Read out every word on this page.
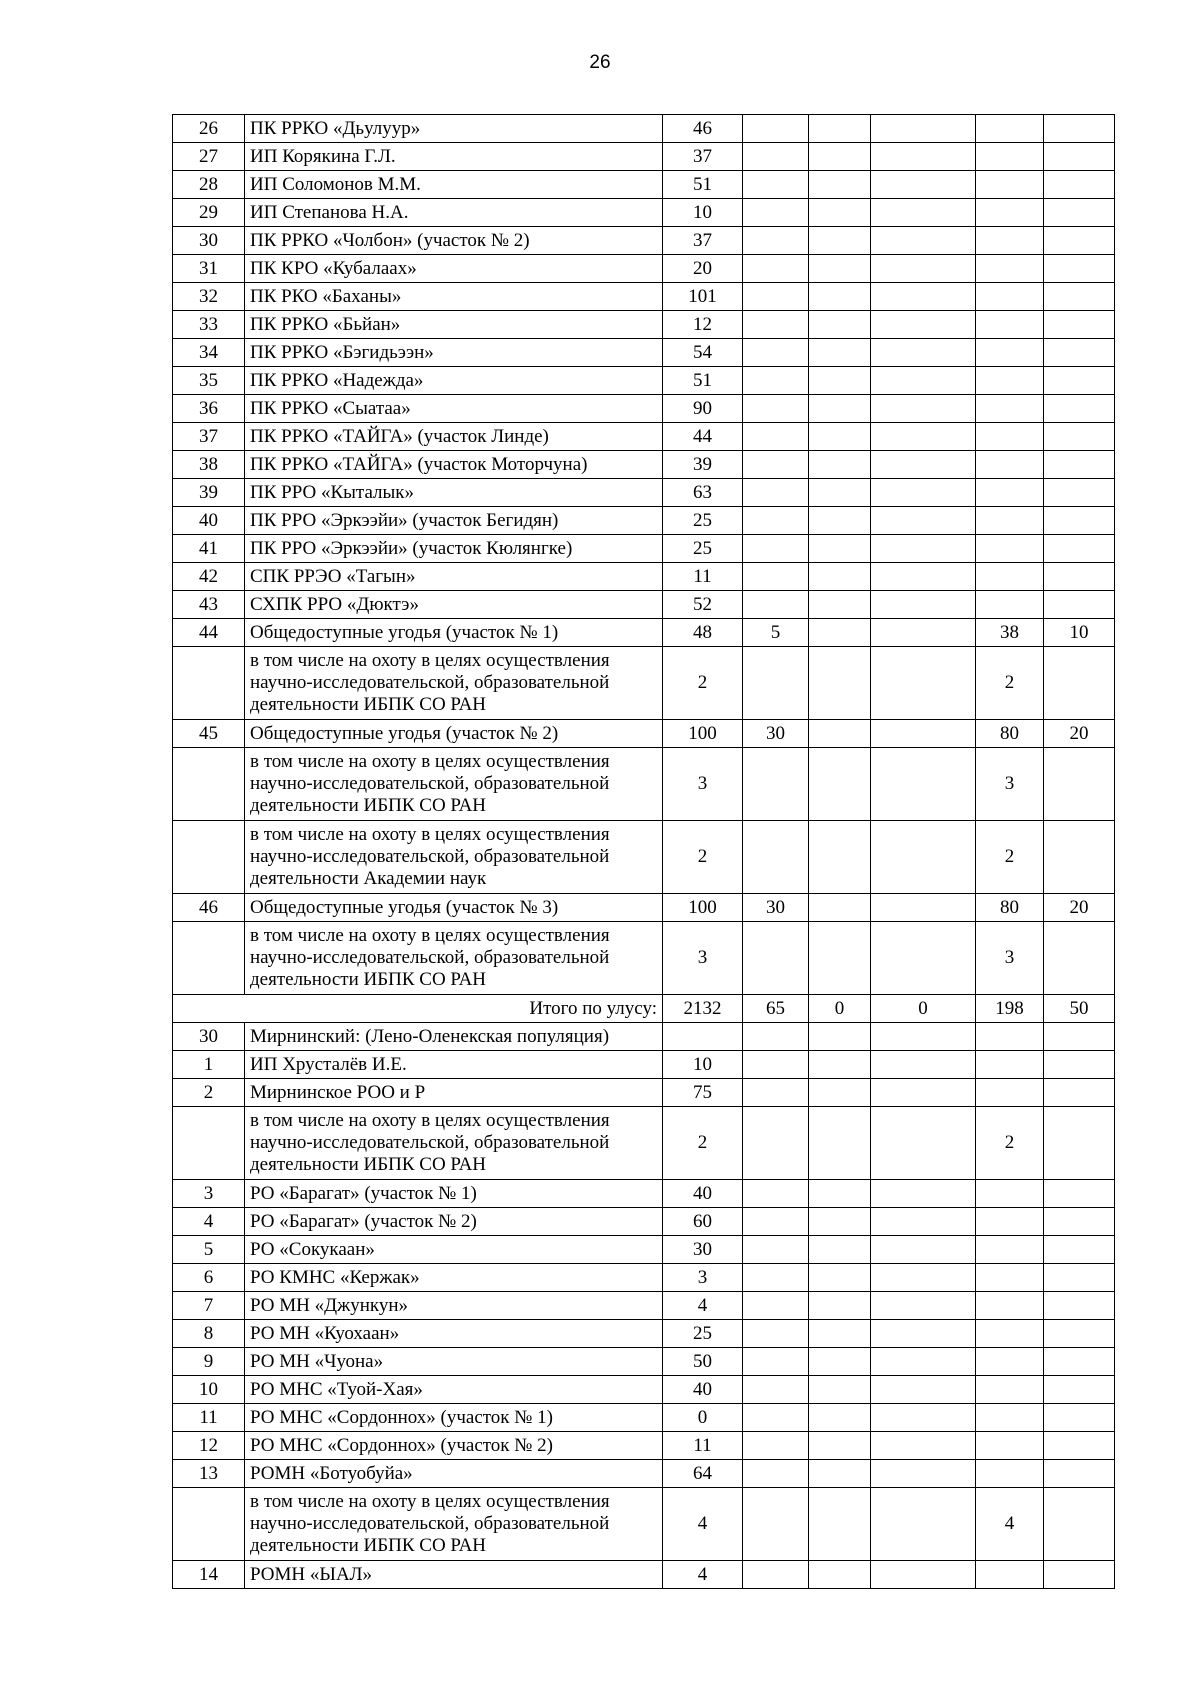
26
26	ПК РРКО «Дьулуур»	46					
27	ИП Корякина Г.Л.	37					
28	ИП Соломонов М.М.	51					
29	ИП Степанова Н.А.	10					
30	ПК РРКО «Чолбон» (участок № 2)	37					
31	ПК КРО «Кубалаах»	20					
32	ПК РКО «Баханы»	101					
33	ПК РРКО «Бьйан»	12					
34	ПК РРКО «Бэгидьээн»	54					
35	ПК РРКО «Надежда»	51					
36	ПК РРКО «Сыатаа»	90					
37	ПК РРКО «ТАЙГА» (участок Линде)	44					
38	ПК РРКО «ТАЙГА» (участок Моторчуна)	39					
39	ПК РРО «Кыталык»	63					
40	ПК РРО «Эркээйи» (участок Бегидян)	25					
41	ПК РРО «Эркээйи» (участок Кюлянгке)	25					
42	СПК РРЭО «Тагын»	11					
43	СХПК РРО «Дюктэ»	52					
44	Общедоступные угодья (участок № 1)	48	5			38	10
	в том числе на охоту в целях осуществления научно-исследовательской, образовательной деятельности ИБПК СО РАН	2				2	
45	Общедоступные угодья (участок № 2)	100	30			80	20
	в том числе на охоту в целях осуществления научно-исследовательской, образовательной деятельности ИБПК СО РАН	3				3	
	в том числе на охоту в целях осуществления научно-исследовательской, образовательной деятельности Академии наук	2				2	
46	Общедоступные угодья (участок № 3)	100	30			80	20
	в том числе на охоту в целях осуществления научно-исследовательской, образовательной деятельности ИБПК СО РАН	3				3	
Итого по улусу:		2132	65	0	0	198	50
30	Мирнинский: (Лено-Оленекская популяция)						
1	ИП Хрусталёв И.Е.	10					
2	Мирнинское РОО и Р	75					
	в том числе на охоту в целях осуществления научно-исследовательской, образовательной деятельности ИБПК СО РАН	2				2	
3	РО «Барагат» (участок № 1)	40					
4	РО «Барагат» (участок № 2)	60					
5	РО «Сокукаан»	30					
6	РО КМНС «Кержак»	3					
7	РО МН «Джункун»	4					
8	РО МН «Куохаан»	25					
9	РО МН «Чуона»	50					
10	РО МНС «Туой-Хая»	40					
11	РО МНС «Сордоннох» (участок № 1)	0					
12	РО МНС «Сордоннох» (участок № 2)	11					
13	РОМН «Ботуобуйа»	64					
	в том числе на охоту в целях осуществления научно-исследовательской, образовательной деятельности ИБПК СО РАН	4				4	
14	РОМН «ЫАЛ»	4					
